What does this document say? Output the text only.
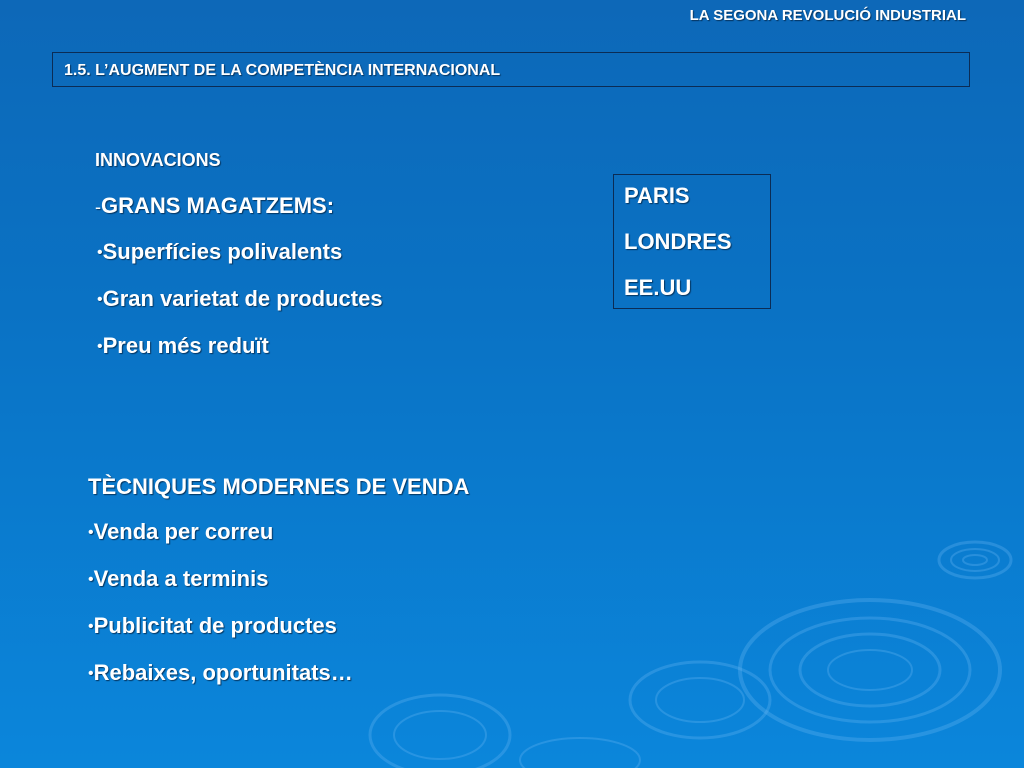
LA SEGONA REVOLUCIÓ INDUSTRIAL
1.5. L’AUGMENT DE LA COMPETÈNCIA INTERNACIONAL
INNOVACIONS
-GRANS MAGATZEMS:
•Superfícies polivalents
•Gran varietat de productes
•Preu més reduït
PARIS
LONDRES
EE.UU
TÈCNIQUES MODERNES DE VENDA
•Venda per correu
•Venda a terminis
•Publicitat de productes
•Rebaixes, oportunitats…
